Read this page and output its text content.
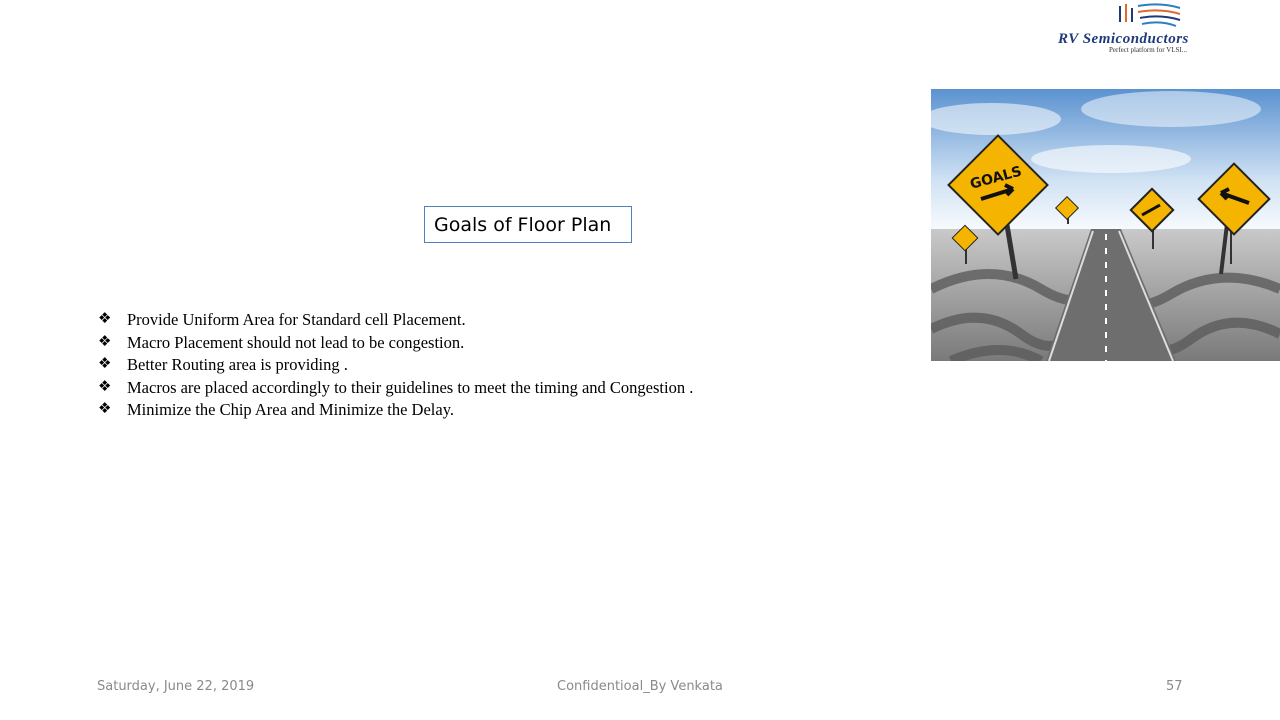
RV Semiconductors
Perfect platform for VLSI...
GOALS
Goals of Floor Plan
❖ Provide Uniform Area for Standard cell Placement.
❖ Macro Placement should not lead to be congestion.
❖ Better Routing area is providing .
❖ Macros are placed accordingly to their guidelines to meet the timing and Congestion .
❖ Minimize the Chip Area and Minimize the Delay.
Saturday, June 22, 2019	Confidentioal_By Venkata	57
